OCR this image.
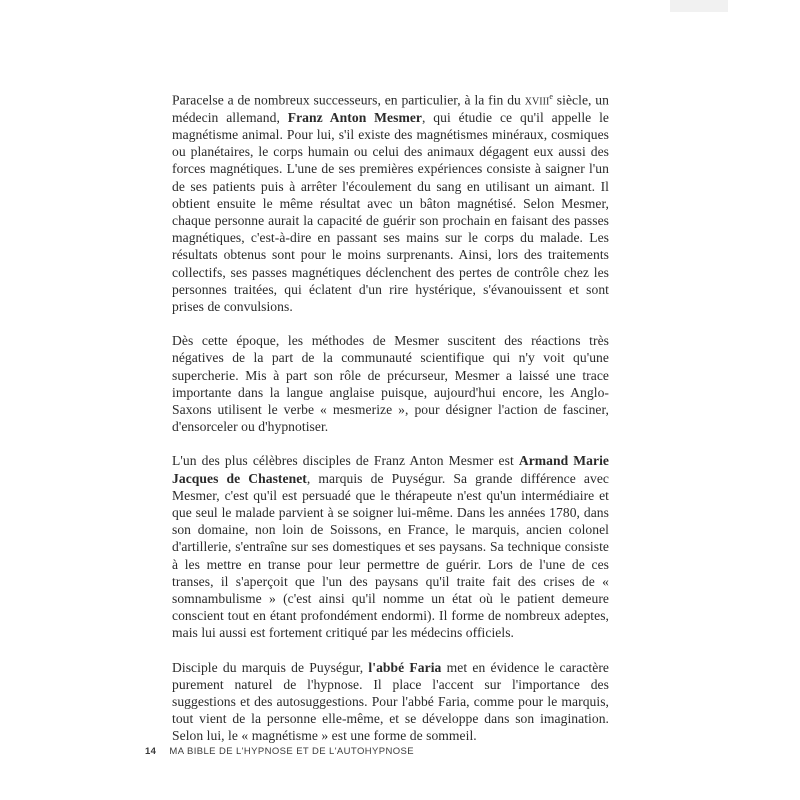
Paracelse a de nombreux successeurs, en particulier, à la fin du xviii$^e$ siècle, un médecin allemand, Franz Anton Mesmer, qui étudie ce qu'il appelle le magnétisme animal. Pour lui, s'il existe des magnétismes minéraux, cosmiques ou planétaires, le corps humain ou celui des animaux dégagent eux aussi des forces magnétiques. L'une de ses premières expériences consiste à saigner l'un de ses patients puis à arrêter l'écoulement du sang en utilisant un aimant. Il obtient ensuite le même résultat avec un bâton magnétisé. Selon Mesmer, chaque personne aurait la capacité de guérir son prochain en faisant des passes magnétiques, c'est-à-dire en passant ses mains sur le corps du malade. Les résultats obtenus sont pour le moins surprenants. Ainsi, lors des traitements collectifs, ses passes magnétiques déclenchent des pertes de contrôle chez les personnes traitées, qui éclatent d'un rire hystérique, s'évanouissent et sont prises de convulsions.

Dès cette époque, les méthodes de Mesmer suscitent des réactions très négatives de la part de la communauté scientifique qui n'y voit qu'une supercherie. Mis à part son rôle de précurseur, Mesmer a laissé une trace importante dans la langue anglaise puisque, aujourd'hui encore, les Anglo-Saxons utilisent le verbe « mesmerize », pour désigner l'action de fasciner, d'ensorceler ou d'hypnotiser.

L'un des plus célèbres disciples de Franz Anton Mesmer est Armand Marie Jacques de Chastenet, marquis de Puységur. Sa grande différence avec Mesmer, c'est qu'il est persuadé que le thérapeute n'est qu'un intermédiaire et que seul le malade parvient à se soigner lui-même. Dans les années 1780, dans son domaine, non loin de Soissons, en France, le marquis, ancien colonel d'artillerie, s'entraîne sur ses domestiques et ses paysans. Sa technique consiste à les mettre en transe pour leur permettre de guérir. Lors de l'une de ces transes, il s'aperçoit que l'un des paysans qu'il traite fait des crises de « somnambulisme » (c'est ainsi qu'il nomme un état où le patient demeure conscient tout en étant profondément endormi). Il forme de nombreux adeptes, mais lui aussi est fortement critiqué par les médecins officiels.

Disciple du marquis de Puységur, l'abbé Faria met en évidence le caractère purement naturel de l'hypnose. Il place l'accent sur l'importance des suggestions et des autosuggestions. Pour l'abbé Faria, comme pour le marquis, tout vient de la personne elle-même, et se développe dans son imagination. Selon lui, le « magnétisme » est une forme de sommeil.

14 MA BIBLE DE L'HYPNOSE ET DE L'AUTOHYPNOSE
